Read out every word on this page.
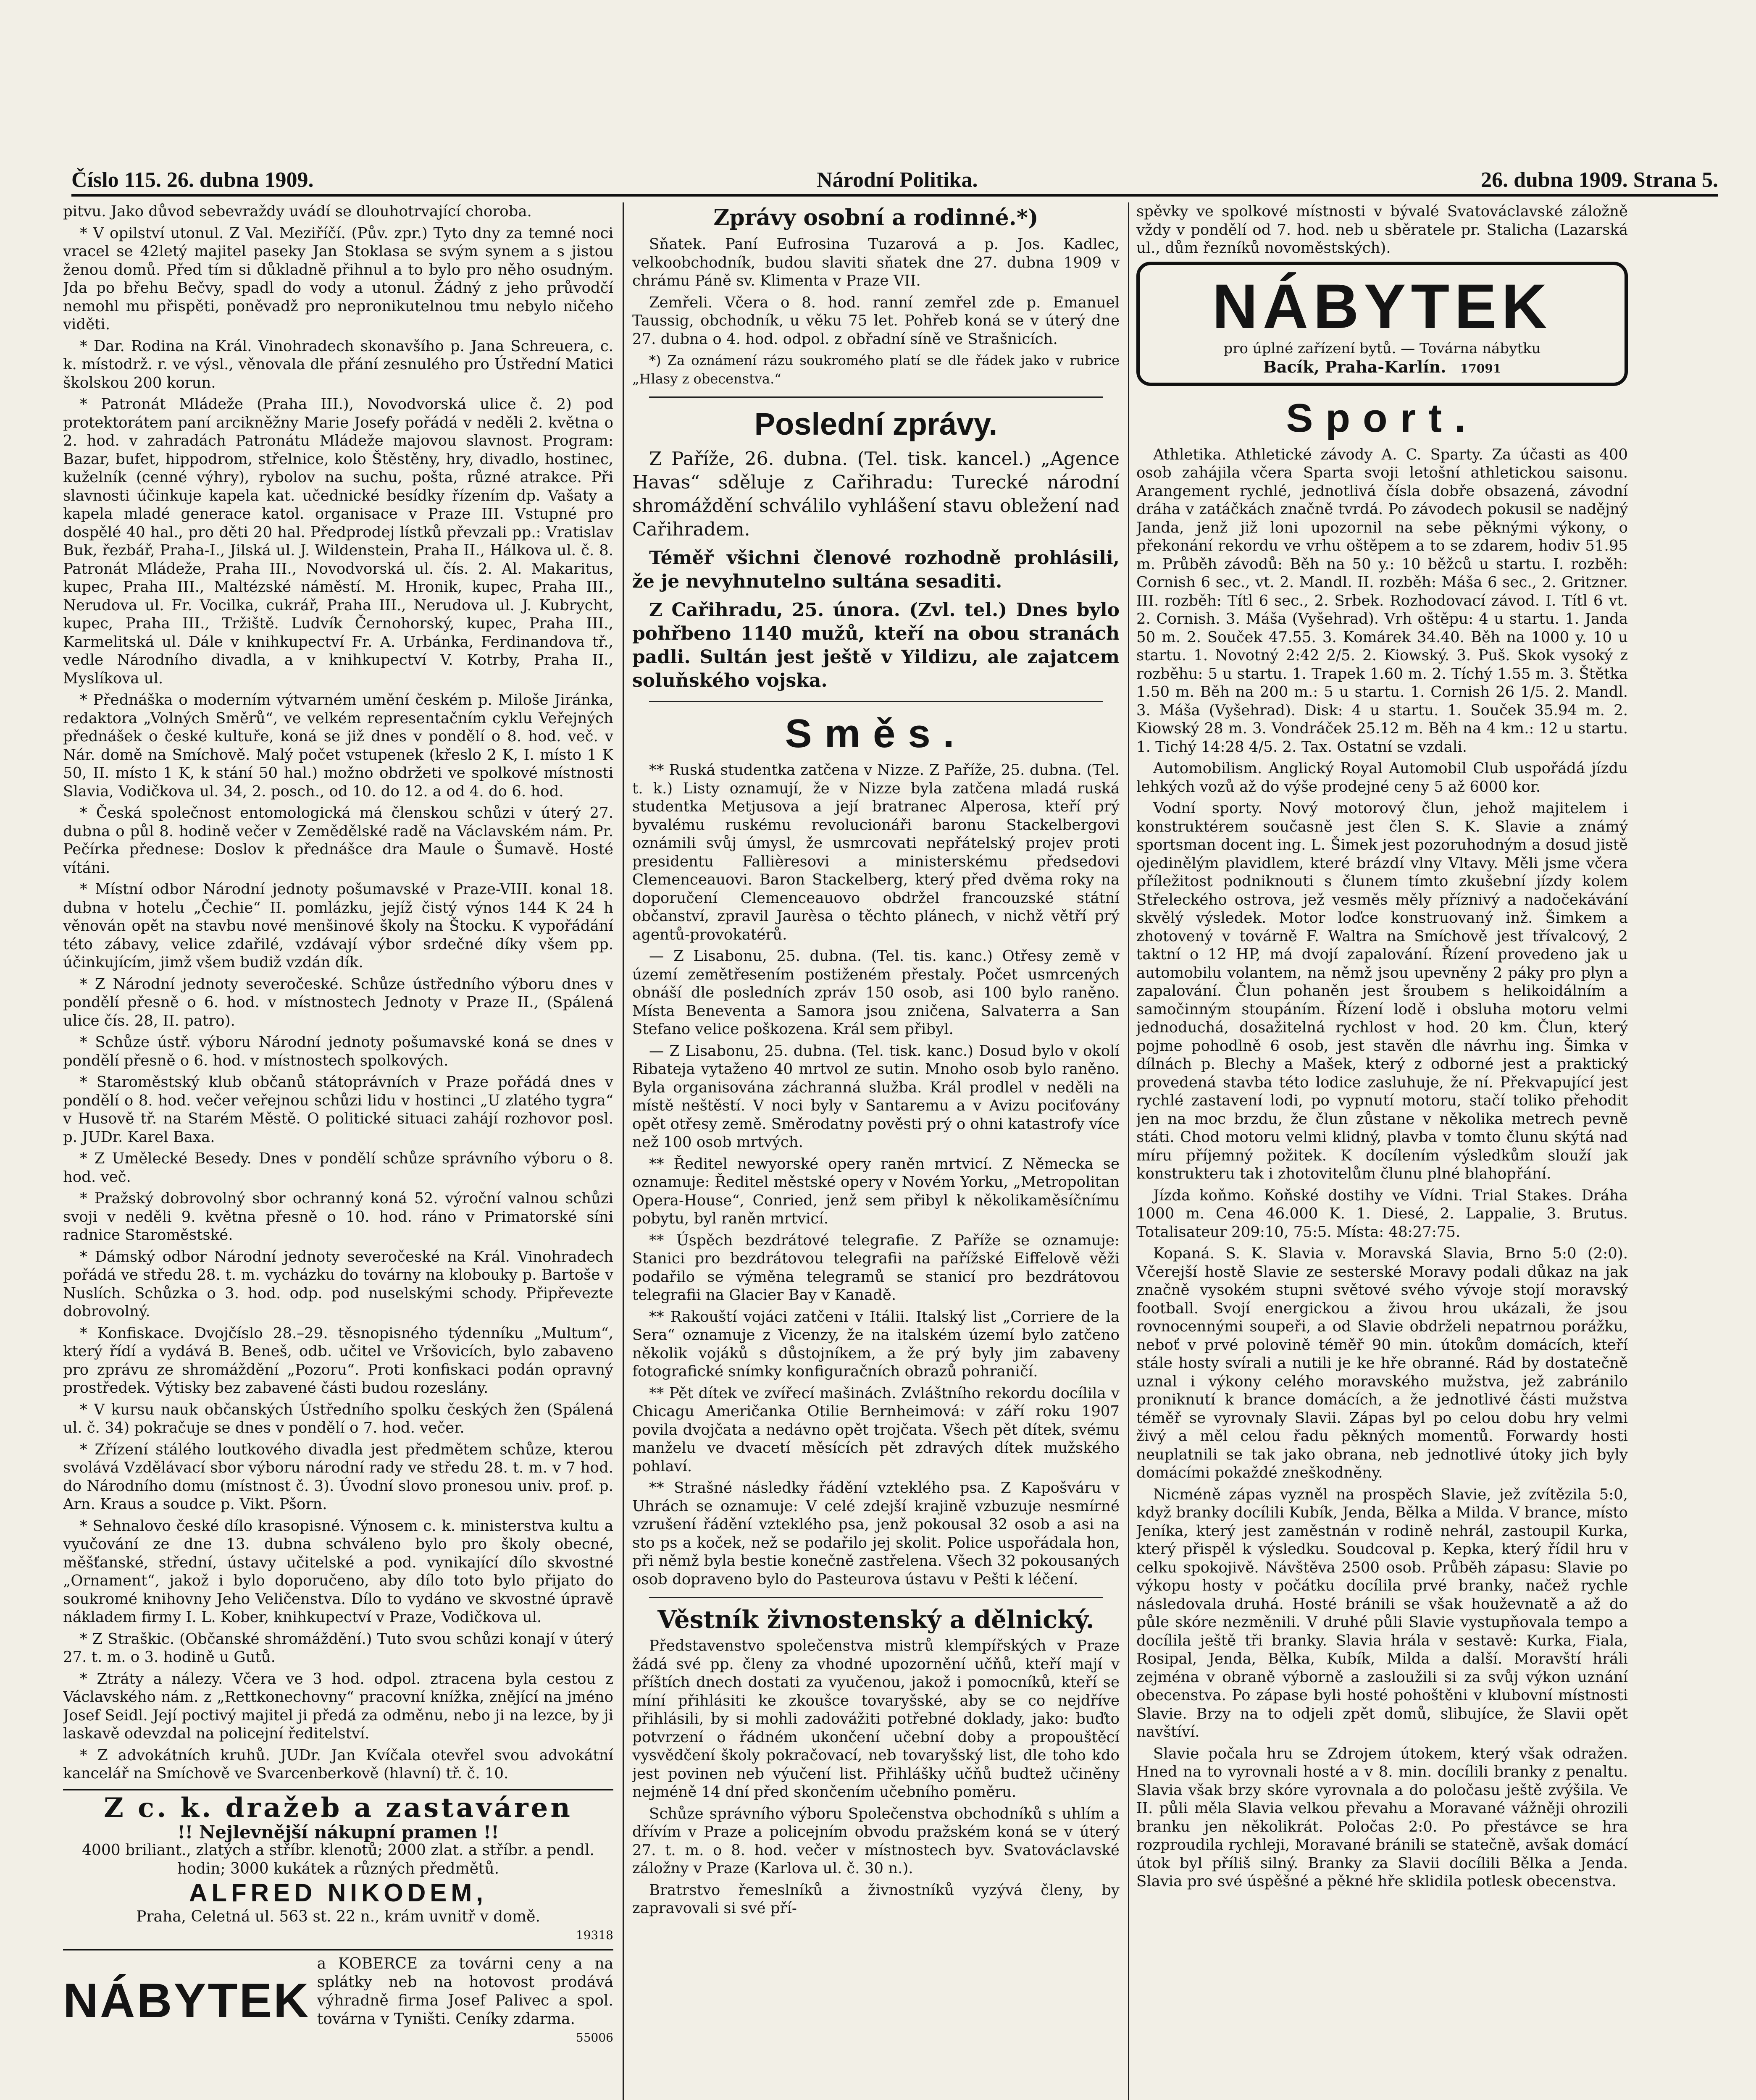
Číslo 115. 26. dubna 1909.	Národní Politika.	26. dubna 1909. Strana 5.

pitvu. Jako důvod sebevraždy uvádí se dlouhotrvající choroba.

* V opilství utonul. Z Val. Meziříčí. (Pův. zpr.) Tyto dny za temné noci vracel se 42letý majitel paseky Jan Stoklasa se svým synem a s jistou ženou domů. Před tím si důkladně přihnul a to bylo pro něho osudným. Jda po břehu Bečvy, spadl do vody a utonul. Žádný z jeho průvodčí nemohl mu přispěti, poněvadž pro nepronikutelnou tmu nebylo ničeho viděti.

* Dar. Rodina na Král. Vinohradech skonavšího p. Jana Schreuera, c. k. místodrž. r. ve výsl., věnovala dle přání zesnulého pro Ústřední Matici školskou 200 korun.

* Patronát Mládeže (Praha III.), Novodvorská ulice č. 2) pod protektorátem paní arcikněžny Marie Josefy pořádá v neděli 2. května o 2. hod. v zahradách Patronátu Mládeže majovou slavnost. Program: Bazar, bufet, hippodrom, střelnice, kolo Štěstěny, hry, divadlo, hostinec, kuželník (cenné výhry), rybolov na suchu, pošta, různé atrakce. Při slavnosti účinkuje kapela kat. učednické besídky řízením dp. Vašaty a kapela mladé generace katol. organisace v Praze III. Vstupné pro dospělé 40 hal., pro děti 20 hal. Předprodej lístků převzali pp.: Vratislav Buk, řezbář, Praha-I., Jilská ul. J. Wildenstein, Praha II., Hálkova ul. č. 8. Patronát Mládeže, Praha III., Novodvorská ul. čís. 2. Al. Makaritus, kupec, Praha III., Maltézské náměstí. M. Hronik, kupec, Praha III., Nerudova ul. Fr. Vocilka, cukrář, Praha III., Nerudova ul. J. Kubrycht, kupec, Praha III., Tržiště. Ludvík Černohorský, kupec, Praha III., Karmelitská ul. Dále v knihkupectví Fr. A. Urbánka, Ferdinandova tř., vedle Národního divadla, a v knihkupectví V. Kotrby, Praha II., Myslíkova ul.

* Přednáška o moderním výtvarném umění českém p. Miloše Jiránka, redaktora „Volných Směrů“, ve velkém representačním cyklu Veřejných přednášek o české kultuře, koná se již dnes v pondělí o 8. hod. več. v Nár. domě na Smíchově. Malý počet vstupenek (křeslo 2 K, I. místo 1 K 50, II. místo 1 K, k stání 50 hal.) možno obdržeti ve spolkové místnosti Slavia, Vodičkova ul. 34, 2. posch., od 10. do 12. a od 4. do 6. hod.

* Česká společnost entomologická má členskou schůzi v úterý 27. dubna o půl 8. hodině večer v Zemědělské radě na Václavském nám. Pr. Pečírka přednese: Doslov k přednášce dra Maule o Šumavě. Hosté vítáni.

* Místní odbor Národní jednoty pošumavské v Praze-VIII. konal 18. dubna v hotelu „Čechie“ II. pomlázku, jejíž čistý výnos 144 K 24 h věnován opět na stavbu nové menšinové školy na Štocku. K vypořádání této zábavy, velice zdařilé, vzdávají výbor srdečné díky všem pp. účinkujícím, jimž všem budiž vzdán dík.

* Z Národní jednoty severočeské. Schůze ústředního výboru dnes v pondělí přesně o 6. hod. v místnostech Jednoty v Praze II., (Spálená ulice čís. 28, II. patro).

* Schůze ústř. výboru Národní jednoty pošumavské koná se dnes v pondělí přesně o 6. hod. v místnostech spolkových.

* Staroměstský klub občanů státoprávních v Praze pořádá dnes v pondělí o 8. hod. večer veřejnou schůzi lidu v hostinci „U zlatého tygra“ v Husově tř. na Starém Městě. O politické situaci zahájí rozhovor posl. p. JUDr. Karel Baxa.

* Z Umělecké Besedy. Dnes v pondělí schůze správního výboru o 8. hod. več.

* Pražský dobrovolný sbor ochranný koná 52. výroční valnou schůzi svoji v neděli 9. května přesně o 10. hod. ráno v Primatorské síni radnice Staroměstské.

* Dámský odbor Národní jednoty severočeské na Král. Vinohradech pořádá ve středu 28. t. m. vycházku do továrny na klobouky p. Bartoše v Nuslích. Schůzka o 3. hod. odp. pod nuselskými schody. Připřevezte dobrovolný.

* Konfiskace. Dvojčíslo 28.–29. těsnopisného týdenníku „Multum“, který řídí a vydává B. Beneš, odb. učitel ve Vršovicích, bylo zabaveno pro zprávu ze shromáždění „Pozoru“. Proti konfiskaci podán opravný prostředek. Výtisky bez zabavené části budou rozeslány.

* V kursu nauk občanských Ústředního spolku českých žen (Spálená ul. č. 34) pokračuje se dnes v pondělí o 7. hod. večer.

* Zřízení stálého loutkového divadla jest předmětem schůze, kterou svolává Vzdělávací sbor výboru národní rady ve středu 28. t. m. v 7 hod. do Národního domu (místnost č. 3). Úvodní slovo pronesou univ. prof. p. Arn. Kraus a soudce p. Vikt. Pšorn.

* Sehnalovo české dílo krasopisné. Výnosem c. k. ministerstva kultu a vyučování ze dne 13. dubna schváleno bylo pro školy obecné, měšťanské, střední, ústavy učitelské a pod. vynikající dílo skvostné „Ornament“, jakož i bylo doporučeno, aby dílo toto bylo přijato do soukromé knihovny Jeho Veličenstva. Dílo to vydáno ve skvostné úpravě nákladem firmy I. L. Kober, knihkupectví v Praze, Vodičkova ul.

* Z Straškic. (Občanské shromáždění.) Tuto svou schůzi konají v úterý 27. t. m. o 3. hodině u Gutů.

* Ztráty a nálezy. Včera ve 3 hod. odpol. ztracena byla cestou z Václavského nám. z „Rettkonechovny“ pracovní knížka, znějící na jméno Josef Seidl. Její poctivý majitel ji předá za odměnu, nebo ji na lezce, by ji laskavě odevzdal na policejní ředitelství.

* Z advokátních kruhů. JUDr. Jan Kvíčala otevřel svou advokátní kancelář na Smíchově ve Svarcenberkově (hlavní) tř. č. 10.

Z c. k. dražeb a zastaváren
!! Nejlevnější nákupní pramen !!
4000 briliant., zlatých a stříbr. klenotů; 2000 zlat. a stříbr. a pendl. hodin; 3000 kukátek a různých předmětů.
ALFRED NIKODEM,
Praha, Celetná ul. 563 st. 22 n., krám uvnitř v domě.
19318
NÁBYTEK
a KOBERCE za továrni ceny a na splátky neb na hotovost prodává výhradně firma Josef Palivec a spol. továrna v Tyništi. Ceníky zdarma.
55006
Zprávy osobní a rodinné.*)

Sňatek. Paní Eufrosina Tuzarová a p. Jos. Kadlec, velkoobchodník, budou slaviti sňatek dne 27. dubna 1909 v chrámu Páně sv. Klimenta v Praze VII.

Zemřeli. Včera o 8. hod. ranní zemřel zde p. Emanuel Taussig, obchodník, u věku 75 let. Pohřeb koná se v úterý dne 27. dubna o 4. hod. odpol. z obřadní síně ve Strašnicích.

*) Za oznámení rázu soukromého platí se dle řádek jako v rubrice „Hlasy z obecenstva.“

Poslední zprávy.

Z Paříže, 26. dubna. (Tel. tisk. kancel.) „Agence Havas“ sděluje z Cařihradu: Turecké národní shromáždění schválilo vyhlášení stavu obležení nad Cařihradem.

Téměř všichni členové rozhodně prohlásili, že je nevyhnutelno sultána sesaditi.

Z Cařihradu, 25. února. (Zvl. tel.) Dnes bylo pohřbeno 1140 mužů, kteří na obou stranách padli. Sultán jest ještě v Yildizu, ale zajatcem soluňského vojska.

Směs.

** Ruská studentka zatčena v Nizze. Z Paříže, 25. dubna. (Tel. t. k.) Listy oznamují, že v Nizze byla zatčena mladá ruská studentka Metjusova a její bratranec Alperosa, kteří prý byvalému ruskému revolucionáři baronu Stackelbergovi oznámili svůj úmysl, že usmrcovati nepřátelský projev proti presidentu Fallièresovi a ministerskému předsedovi Clemenceauovi. Baron Stackelberg, který před dvěma roky na doporučení Clemenceauovo obdržel francouzské státní občanství, zpravil Jaurèsa o těchto plánech, v nichž větří prý agentů-provokatérů.

— Z Lisabonu, 25. dubna. (Tel. tis. kanc.) Otřesy země v území zemětřesením postiženém přestaly. Počet usmrcených obnáší dle posledních zpráv 150 osob, asi 100 bylo raněno. Místa Beneventa a Samora jsou zničena, Salvaterra a San Stefano velice poškozena. Král sem přibyl.

— Z Lisabonu, 25. dubna. (Tel. tisk. kanc.) Dosud bylo v okolí Ribateja vytaženo 40 mrtvol ze sutin. Mnoho osob bylo raněno. Byla organisována záchranná služba. Král prodlel v neděli na místě neštěstí. V noci byly v Santaremu a v Avizu pociťovány opět otřesy země. Směrodatny pověsti prý o ohni katastrofy více než 100 osob mrtvých.

** Ředitel newyorské opery raněn mrtvicí. Z Německa se oznamuje: Ředitel městské opery v Novém Yorku, „Metropolitan Opera-House“, Conried, jenž sem přibyl k několikaměsíčnímu pobytu, byl raněn mrtvicí.

** Úspěch bezdrátové telegrafie. Z Paříže se oznamuje: Stanici pro bezdrátovou telegrafii na pařížské Eiffelově věži podařilo se výměna telegramů se stanicí pro bezdrátovou telegrafii na Glacier Bay v Kanadě.

** Rakouští vojáci zatčeni v Itálii. Italský list „Corriere de la Sera“ oznamuje z Vicenzy, že na italském území bylo zatčeno několik vojáků s důstojníkem, a že prý byly jim zabaveny fotografické snímky konfiguračních obrazů pohraničí.

** Pět dítek ve zvířecí mašinách. Zvláštního rekordu docílila v Chicagu Američanka Otilie Bernheimová: v září roku 1907 povila dvojčata a nedávno opět trojčata. Všech pět dítek, svému manželu ve dvacetí měsících pět zdravých dítek mužského pohlaví.

** Strašné následky řádění vzteklého psa. Z Kapošváru v Uhrách se oznamuje: V celé zdejší krajině vzbuzuje nesmírné vzrušení řádění vzteklého psa, jenž pokousal 32 osob a asi na sto ps a koček, než se podařilo jej skolit. Police uspořádala hon, při němž byla bestie konečně zastřelena. Všech 32 pokousaných osob dopraveno bylo do Pasteurova ústavu v Pešti k léčení.

Věstník živnostenský a dělnický.

Představenstvo společenstva mistrů klempířských v Praze žádá své pp. členy za vhodné upozornění učňů, kteří mají v příštích dnech dostati za vyučenou, jakož i pomocníků, kteří se míní přihlásiti ke zkoušce tovaryšské, aby se co nejdříve přihlásili, by si mohli zadovážiti potřebné doklady, jako: buďto potvrzení o řádném ukončení učební doby a propouštěcí vysvědčení školy pokračovací, neb tovaryšský list, dle toho kdo jest povinen neb výučení list. Přihlášky učňů budtež učiněny nejméně 14 dní před skončením učebního poměru.

Schůze správního výboru Společenstva obchodníků s uhlím a dřívím v Praze a policejním obvodu pražském koná se v úterý 27. t. m. o 8. hod. večer v místnostech byv. Svatováclavské záložny v Praze (Karlova ul. č. 30 n.).

Bratrstvo řemeslníků a živnostníků vyzývá členy, by zapravovali si své pří-

spěvky ve spolkové místnosti v bývalé Svatováclavské záložně vždy v pondělí od 7. hod. neb u sběratele pr. Stalicha (Lazarská ul., dům řezníků novoměstských).

NÁBYTEK
pro úplné zařízení bytů. — Továrna nábytku
Bacík, Praha-Karlín. 17091
Sport.

Athletika. Athletické závody A. C. Sparty. Za účasti as 400 osob zahájila včera Sparta svoji letošní athletickou saisonu. Arangement rychlé, jednotlivá čísla dobře obsazená, závodní dráha v zatáčkách značně tvrdá. Po závodech pokusil se nadějný Janda, jenž již loni upozornil na sebe pěknými výkony, o překonání rekordu ve vrhu oštěpem a to se zdarem, hodiv 51.95 m. Průběh závodů: Běh na 50 y.: 10 běžců u startu. I. rozběh: Cornish 6 sec., vt. 2. Mandl. II. rozběh: Máša 6 sec., 2. Gritzner. III. rozběh: Títl 6 sec., 2. Srbek. Rozhodovací závod. I. Títl 6 vt. 2. Cornish. 3. Máša (Vyšehrad). Vrh oštěpu: 4 u startu. 1. Janda 50 m. 2. Souček 47.55. 3. Komárek 34.40. Běh na 1000 y. 10 u startu. 1. Novotný 2:42 2/5. 2. Kiowský. 3. Puš. Skok vysoký z rozběhu: 5 u startu. 1. Trapek 1.60 m. 2. Tíchý 1.55 m. 3. Štětka 1.50 m. Běh na 200 m.: 5 u startu. 1. Cornish 26 1/5. 2. Mandl. 3. Máša (Vyšehrad). Disk: 4 u startu. 1. Souček 35.94 m. 2. Kiowský 28 m. 3. Vondráček 25.12 m. Běh na 4 km.: 12 u startu. 1. Tichý 14:28 4/5. 2. Tax. Ostatní se vzdali.

Automobilism. Anglický Royal Automobil Club uspořádá jízdu lehkých vozů až do výše prodejné ceny 5 až 6000 kor.

Vodní sporty. Nový motorový člun, jehož majitelem i konstruktérem současně jest člen S. K. Slavie a známý sportsman docent ing. L. Šimek jest pozoruhodným a dosud jistě ojedinělým plavidlem, které brázdí vlny Vltavy. Měli jsme včera příležitost podniknouti s člunem tímto zkušební jízdy kolem Střeleckého ostrova, jež vesměs měly příznivý a nadočekávání skvělý výsledek. Motor loďce konstruovaný inž. Šimkem a zhotovený v továrně F. Waltra na Smíchově jest třívalcový, 2 taktní o 12 HP, má dvojí zapalování. Řízení provedeno jak u automobilu volantem, na němž jsou upevněny 2 páky pro plyn a zapalování. Člun pohaněn jest šroubem s helikoidálním a samočinným stoupáním. Řízení lodě i obsluha motoru velmi jednoduchá, dosažitelná rychlost v hod. 20 km. Člun, který pojme pohodlně 6 osob, jest stavěn dle návrhu ing. Šimka v dílnách p. Blechy a Mašek, který z odborné jest a praktický provedená stavba této lodice zasluhuje, že ní. Překvapující jest rychlé zastavení lodi, po vypnutí motoru, stačí toliko přehodit jen na moc brzdu, že člun zůstane v několika metrech pevně státi. Chod motoru velmi klidný, plavba v tomto člunu skýtá nad míru příjemný požitek. K docílením výsledkům slouží jak konstrukteru tak i zhotovitelům člunu plné blahopřání.

Jízda koňmo. Koňské dostihy ve Vídni. Trial Stakes. Dráha 1000 m. Cena 46.000 K. 1. Diesé, 2. Lappalie, 3. Brutus. Totalisateur 209:10, 75:5. Místa: 48:27:75.

Kopaná. S. K. Slavia v. Moravská Slavia, Brno 5:0 (2:0). Včerejší hostě Slavie ze sesterské Moravy podali důkaz na jak značně vysokém stupni světové svého vývoje stojí moravský football. Svojí energickou a živou hrou ukázali, že jsou rovnocennými soupeři, a od Slavie obdrželi nepatrnou porážku, neboť v prvé polovině téměř 90 min. útokům domácích, kteří stále hosty svírali a nutili je ke hře obranné. Rád by dostatečně uznal i výkony celého moravského mužstva, jež zabránilo proniknutí k brance domácích, a že jednotlivé části mužstva téměř se vyrovnaly Slavii. Zápas byl po celou dobu hry velmi živý a měl celou řadu pěkných momentů. Forwardy hosti neuplatnili se tak jako obrana, neb jednotlivé útoky jich byly domácími pokaždé zneškodněny.

Nicméně zápas vyzněl na prospěch Slavie, jež zvítězila 5:0, když branky docílili Kubík, Jenda, Bělka a Milda. V brance, místo Jeníka, který jest zaměstnán v rodině nehrál, zastoupil Kurka, který přispěl k výsledku. Soudcoval p. Kepka, který řídil hru v celku spokojivě. Návštěva 2500 osob. Průběh zápasu: Slavie po výkopu hosty v počátku docílila prvé branky, načež rychle následovala druhá. Hosté bránili se však houževnatě a až do půle skóre nezměnili. V druhé půli Slavie vystupňovala tempo a docílila ještě tři branky. Slavia hrála v sestavě: Kurka, Fiala, Rosipal, Jenda, Bělka, Kubík, Milda a další. Moravští hráli zejména v obraně výborně a zasloužili si za svůj výkon uznání obecenstva. Po zápase byli hosté pohoštěni v klubovní místnosti Slavie. Brzy na to odjeli zpět domů, slibujíce, že Slavii opět navštíví.

Slavie počala hru se Zdrojem útokem, který však odražen. Hned na to vyrovnali hosté a v 8. min. docílili branky z penaltu. Slavia však brzy skóre vyrovnala a do poločasu ještě zvýšila. Ve II. půli měla Slavia velkou převahu a Moravané vážněji ohrozili branku jen několikrát. Poločas 2:0. Po přestávce se hra rozproudila rychleji, Moravané bránili se statečně, avšak domácí útok byl příliš silný. Branky za Slavii docílili Bělka a Jenda. Slavia pro své úspěšné a pěkné hře sklidila potlesk obecenstva.
